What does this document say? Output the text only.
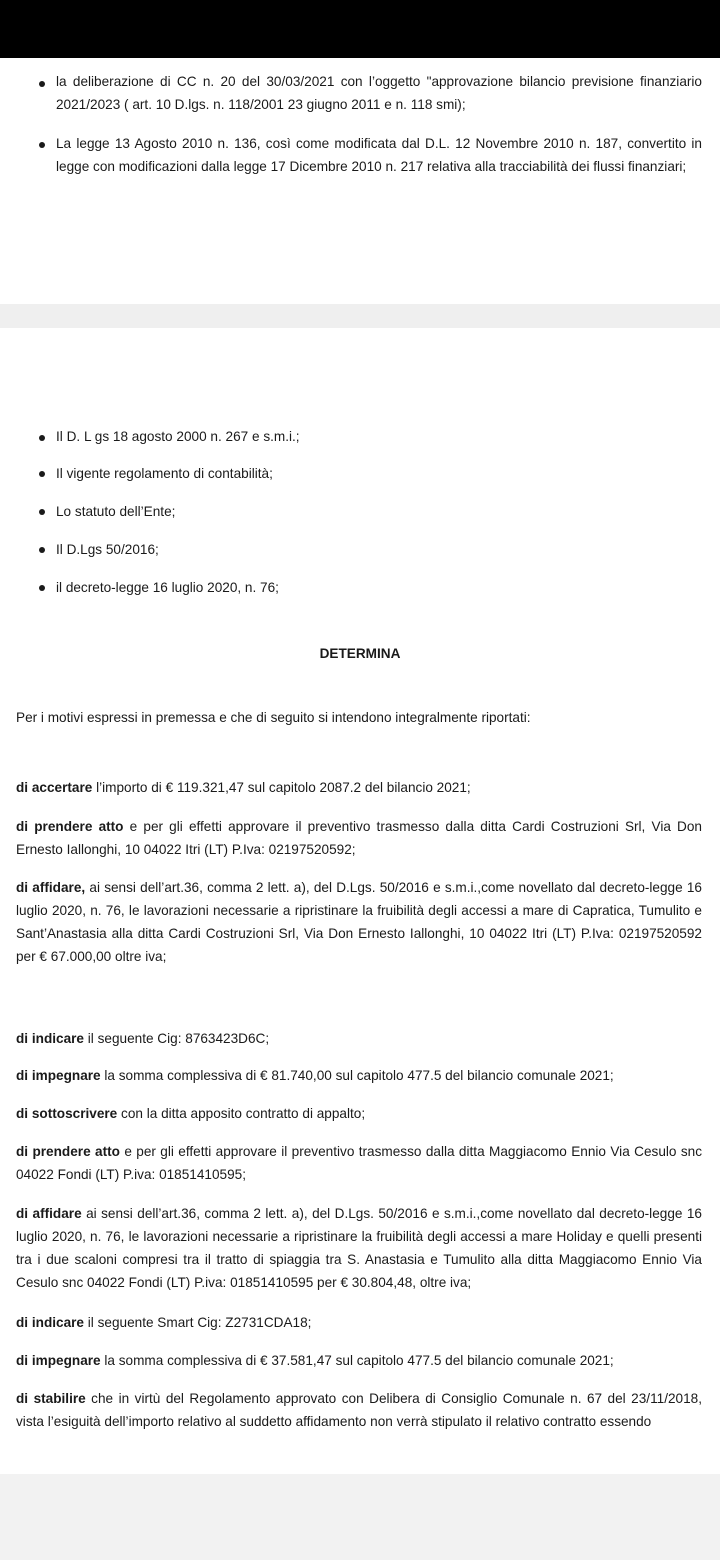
la deliberazione di CC n. 20 del 30/03/2021 con l’oggetto "approvazione bilancio previsione finanziario 2021/2023 ( art. 10 D.lgs. n. 118/2001 23 giugno 2011 e n. 118 smi);
La legge 13 Agosto 2010 n. 136, così come modificata dal D.L. 12 Novembre 2010 n. 187, convertito in legge con modificazioni dalla legge 17 Dicembre 2010 n. 217 relativa alla tracciabilità dei flussi finanziari;
Il D. L gs 18 agosto 2000 n. 267 e s.m.i.;
Il vigente regolamento di contabilità;
Lo statuto dell’Ente;
Il D.Lgs 50/2016;
il decreto-legge 16 luglio 2020, n. 76;
DETERMINA

Per i motivi espressi in premessa e che di seguito si intendono integralmente riportati:

di accertare l’importo di € 119.321,47 sul capitolo 2087.2 del bilancio 2021;

di prendere atto e per gli effetti approvare il preventivo trasmesso dalla ditta Cardi Costruzioni Srl, Via Don Ernesto Iallonghi, 10 04022 Itri (LT) P.Iva: 02197520592;

di affidare, ai sensi dell’art.36, comma 2 lett. a), del D.Lgs. 50/2016 e s.m.i.,come novellato dal decreto-legge 16 luglio 2020, n. 76, le lavorazioni necessarie a ripristinare la fruibilità degli accessi a mare di Capratica, Tumulito e Sant’Anastasia alla ditta Cardi Costruzioni Srl, Via Don Ernesto Iallonghi, 10 04022 Itri (LT) P.Iva: 02197520592 per € 67.000,00 oltre iva;

di indicare il seguente Cig: 8763423D6C;

di impegnare la somma complessiva di € 81.740,00 sul capitolo 477.5 del bilancio comunale 2021;

di sottoscrivere con la ditta apposito contratto di appalto;

di prendere atto e per gli effetti approvare il preventivo trasmesso dalla ditta Maggiacomo Ennio Via Cesulo snc 04022 Fondi (LT) P.iva: 01851410595;

di affidare ai sensi dell’art.36, comma 2 lett. a), del D.Lgs. 50/2016 e s.m.i.,come novellato dal decreto-legge 16 luglio 2020, n. 76, le lavorazioni necessarie a ripristinare la fruibilità degli accessi a mare Holiday e quelli presenti tra i due scaloni compresi tra il tratto di spiaggia tra S. Anastasia e Tumulito alla ditta Maggiacomo Ennio Via Cesulo snc 04022 Fondi (LT) P.iva: 01851410595 per € 30.804,48, oltre iva;

di indicare il seguente Smart Cig: Z2731CDA18;

di impegnare la somma complessiva di € 37.581,47 sul capitolo 477.5 del bilancio comunale 2021;

di stabilire che in virtù del Regolamento approvato con Delibera di Consiglio Comunale n. 67 del 23/11/2018, vista l’esiguità dell’importo relativo al suddetto affidamento non verrà stipulato il relativo contratto essendo
